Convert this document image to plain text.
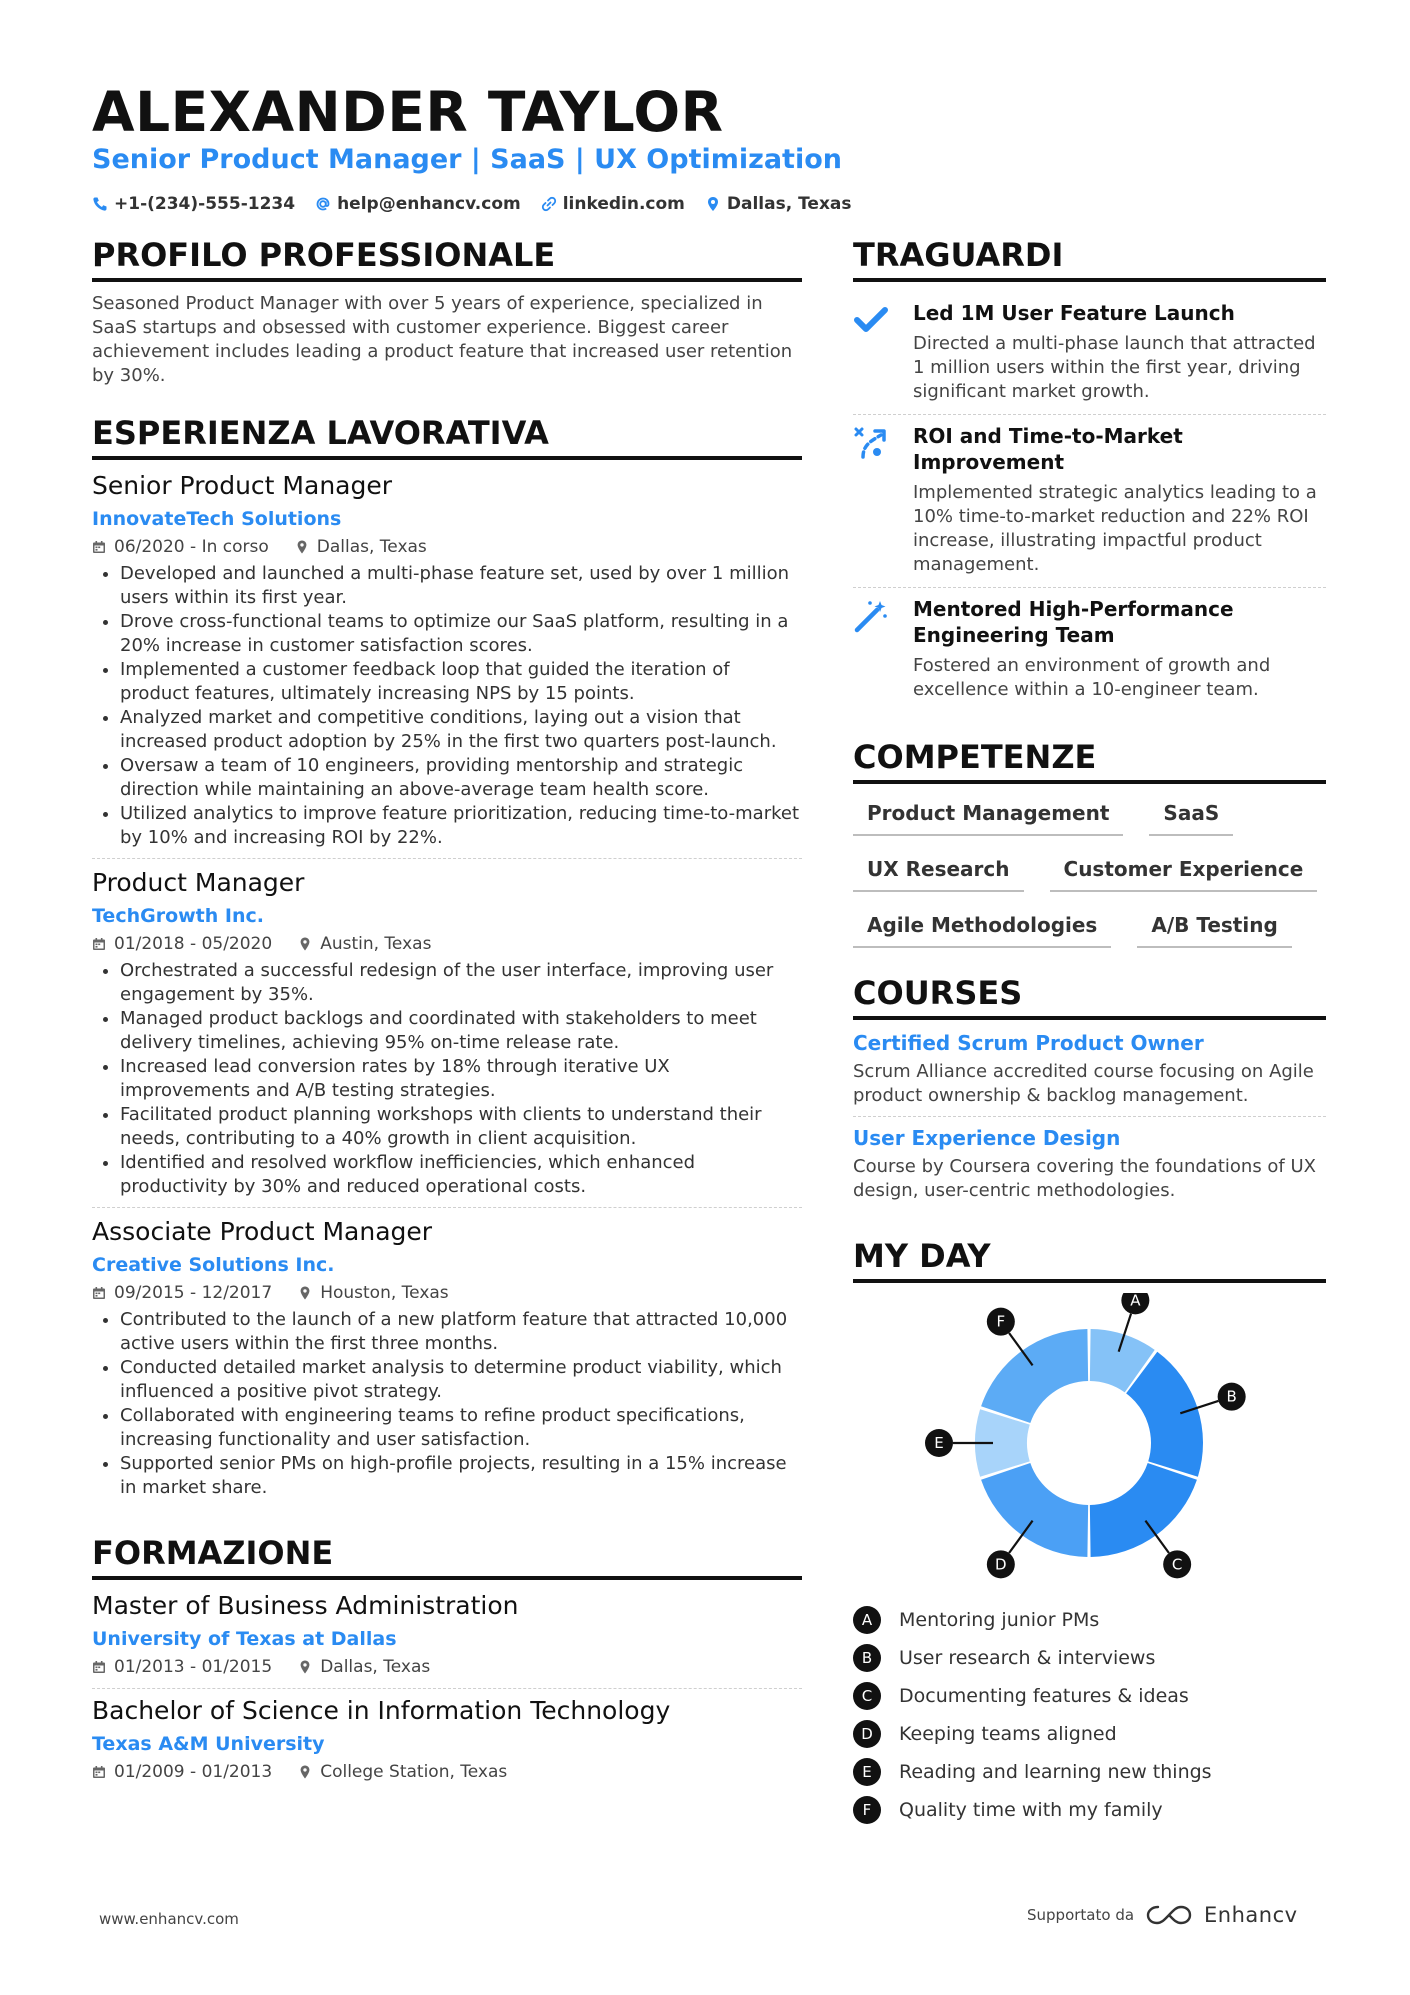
ALEXANDER TAYLOR
Senior Product Manager | SaaS | UX Optimization
+1-(234)-555-1234 help@enhancv.com linkedin.com Dallas, Texas
PROFILO PROFESSIONALE

Seasoned Product Manager with over 5 years of experience, specialized in SaaS startups and obsessed with customer experience. Biggest career achievement includes leading a product feature that increased user retention by 30%.

ESPERIENZA LAVORATIVA
Senior Product Manager
InnovateTech Solutions
06/2020 - In corso	Dallas, Texas
• Developed and launched a multi-phase feature set, used by over 1 million users within its first year.
• Drove cross-functional teams to optimize our SaaS platform, resulting in a 20% increase in customer satisfaction scores.
• Implemented a customer feedback loop that guided the iteration of product features, ultimately increasing NPS by 15 points.
• Analyzed market and competitive conditions, laying out a vision that increased product adoption by 25% in the first two quarters post-launch.
• Oversaw a team of 10 engineers, providing mentorship and strategic direction while maintaining an above-average team health score.
• Utilized analytics to improve feature prioritization, reducing time-to-market by 10% and increasing ROI by 22%.
Product Manager
TechGrowth Inc.
01/2018 - 05/2020	Austin, Texas
• Orchestrated a successful redesign of the user interface, improving user engagement by 35%.
• Managed product backlogs and coordinated with stakeholders to meet delivery timelines, achieving 95% on-time release rate.
• Increased lead conversion rates by 18% through iterative UX improvements and A/B testing strategies.
• Facilitated product planning workshops with clients to understand their needs, contributing to a 40% growth in client acquisition.
• Identified and resolved workflow inefficiencies, which enhanced productivity by 30% and reduced operational costs.
Associate Product Manager
Creative Solutions Inc.
09/2015 - 12/2017	Houston, Texas
• Contributed to the launch of a new platform feature that attracted 10,000 active users within the first three months.
• Conducted detailed market analysis to determine product viability, which influenced a positive pivot strategy.
• Collaborated with engineering teams to refine product specifications, increasing functionality and user satisfaction.
• Supported senior PMs on high-profile projects, resulting in a 15% increase in market share.
FORMAZIONE
Master of Business Administration
University of Texas at Dallas
01/2013 - 01/2015	Dallas, Texas
Bachelor of Science in Information Technology
Texas A&M University
01/2009 - 01/2013	College Station, Texas
TRAGUARDI
Led 1M User Feature Launch
Directed a multi-phase launch that attracted 1 million users within the first year, driving significant market growth.
ROI and Time-to-Market Improvement
Implemented strategic analytics leading to a 10% time-to-market reduction and 22% ROI increase, illustrating impactful product management.
Mentored High-Performance Engineering Team
Fostered an environment of growth and excellence within a 10-engineer team.
COMPETENZE
Product Management	SaaS
UX Research	Customer Experience
Agile Methodologies	A/B Testing
COURSES
Certified Scrum Product Owner
Scrum Alliance accredited course focusing on Agile product ownership & backlog management.
User Experience Design
Course by Coursera covering the foundations of UX design, user-centric methodologies.
MY DAY
A
B
C
D
E
F
A	Mentoring junior PMs
B	User research & interviews
C	Documenting features & ideas
D	Keeping teams aligned
E	Reading and learning new things
F	Quality time with my family
www.enhancv.com	Supportato da	Enhancv
